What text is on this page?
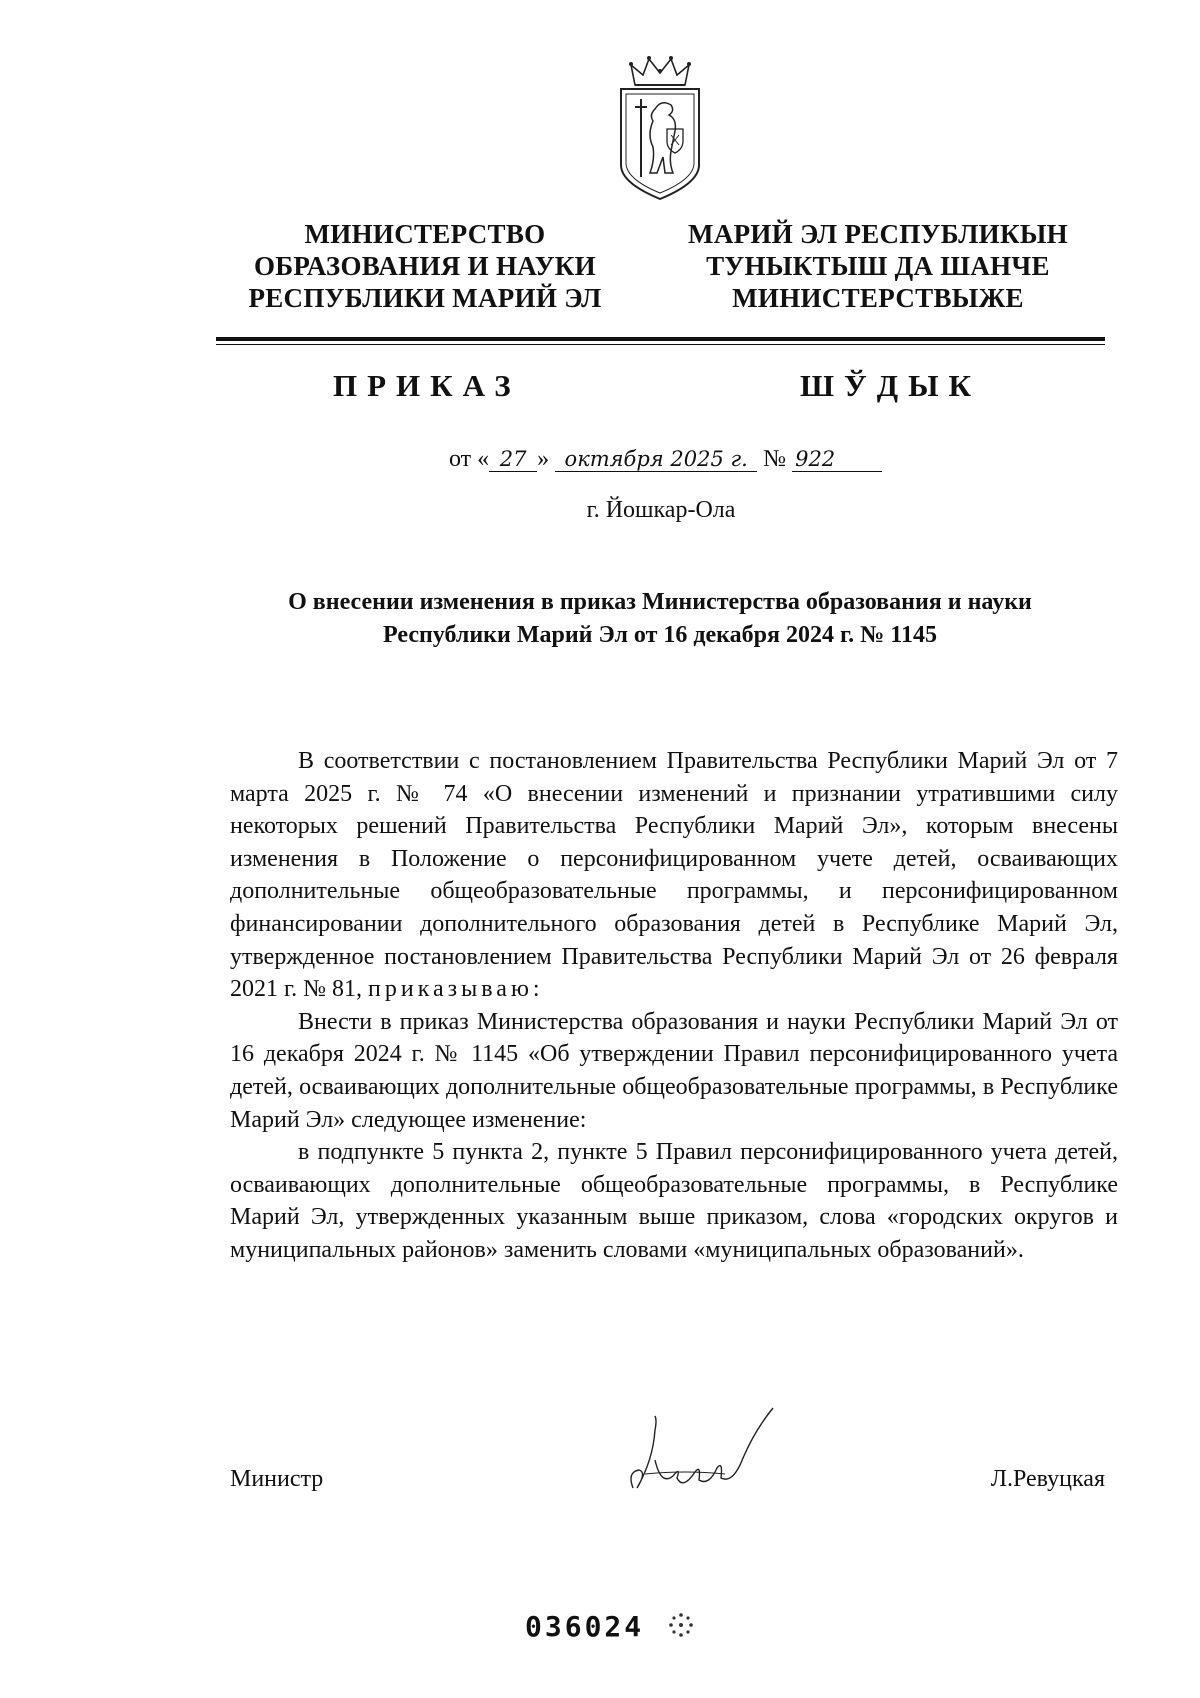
МИНИСТЕРСТВО
ОБРАЗОВАНИЯ И НАУКИ
РЕСПУБЛИКИ МАРИЙ ЭЛ
МАРИЙ ЭЛ РЕСПУБЛИКЫН
ТУНЫКТЫШ ДА ШАНЧЕ
МИНИСТЕРСТВЫЖЕ
ПРИКАЗ	ШЎДЫК
от « 27 » октября 2025 г. № 922
г. Йошкар-Ола
О внесении изменения в приказ Министерства образования и науки
Республики Марий Эл от 16 декабря 2024 г. № 1145

В соответствии с постановлением Правительства Республики Марий Эл от 7 марта 2025 г. № 74 «О внесении изменений и признании утратившими силу некоторых решений Правительства Республики Марий Эл», которым внесены изменения в Положение о персонифицированном учете детей, осваивающих дополнительные общеобразовательные программы, и персонифицированном финансировании дополнительного образования детей в Республике Марий Эл, утвержденное постановлением Правительства Республики Марий Эл от 26 февраля 2021 г. № 81, приказываю:

Внести в приказ Министерства образования и науки Республики Марий Эл от 16 декабря 2024 г. № 1145 «Об утверждении Правил персонифицированного учета детей, осваивающих дополнительные общеобразовательные программы, в Республике Марий Эл» следующее изменение:

в подпункте 5 пункта 2, пункте 5 Правил персонифицированного учета детей, осваивающих дополнительные общеобразовательные программы, в Республике Марий Эл, утвержденных указанным выше приказом, слова «городских округов и муниципальных районов» заменить словами «муниципальных образований».

Министр	Л.Ревуцкая
036024
